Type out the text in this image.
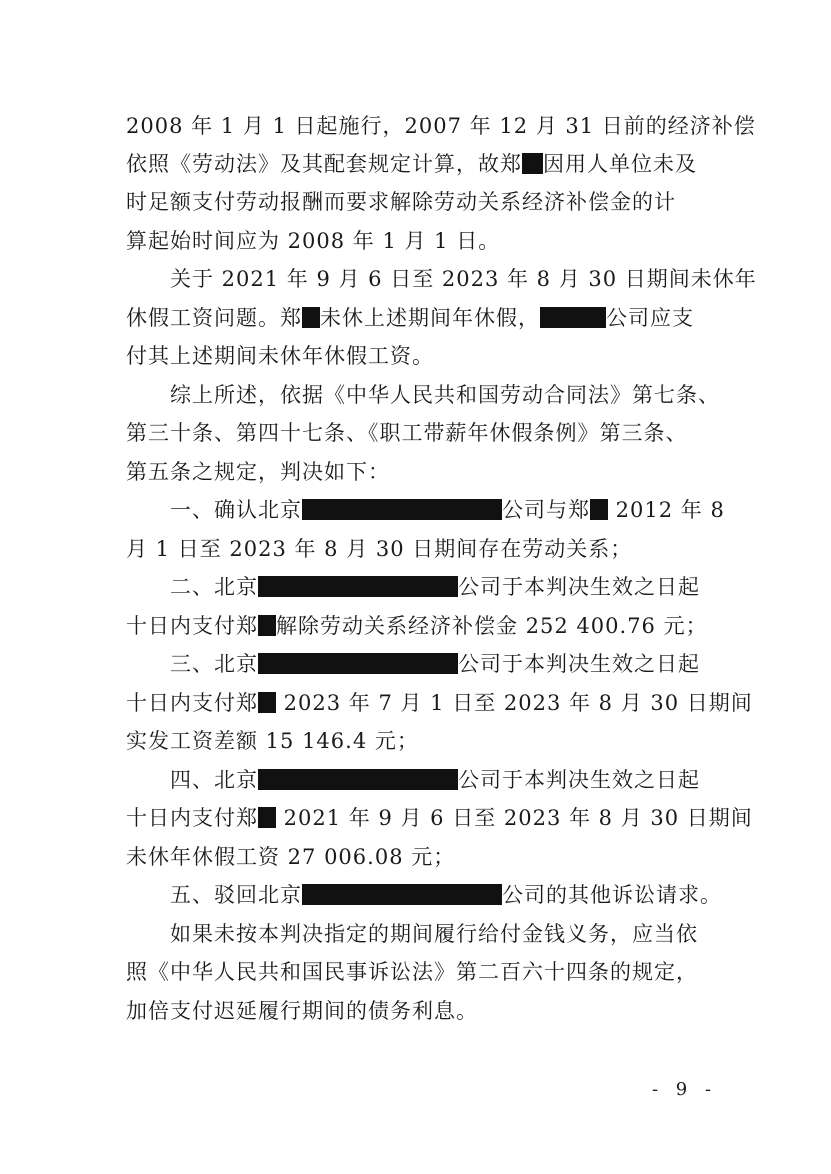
2008 年 1 月 1 日起施行，2007 年 12 月 31 日前的经济补偿
依照《劳动法》及其配套规定计算，故郑 因用人单位未及
时足额支付劳动报酬而要求解除劳动关系经济补偿金的计
算起始时间应为 2008 年 1 月 1 日。
关于 2021 年 9 月 6 日至 2023 年 8 月 30 日期间未休年
休假工资问题。郑 未休上述期间年休假，	公司应支
付其上述期间未休年休假工资。
综上所述，依据《中华人民共和国劳动合同法》第七条、
第三十条、第四十七条、《职工带薪年休假条例》第三条、
第五条之规定，判决如下：
一、确认北京	公司与郑 2012 年 8
月 1 日至 2023 年 8 月 30 日期间存在劳动关系；
二、北京	公司于本判决生效之日起
十日内支付郑 解除劳动关系经济补偿金 252 400.76 元；
三、北京	公司于本判决生效之日起
十日内支付郑 2023 年 7 月 1 日至 2023 年 8 月 30 日期间
实发工资差额 15 146.4 元；
四、北京	公司于本判决生效之日起
十日内支付郑 2021 年 9 月 6 日至 2023 年 8 月 30 日期间
未休年休假工资 27 006.08 元；
五、驳回北京	公司的其他诉讼请求。
如果未按本判决指定的期间履行给付金钱义务，应当依
照《中华人民共和国民事诉讼法》第二百六十四条的规定，
加倍支付迟延履行期间的债务利息。
- 9 -
